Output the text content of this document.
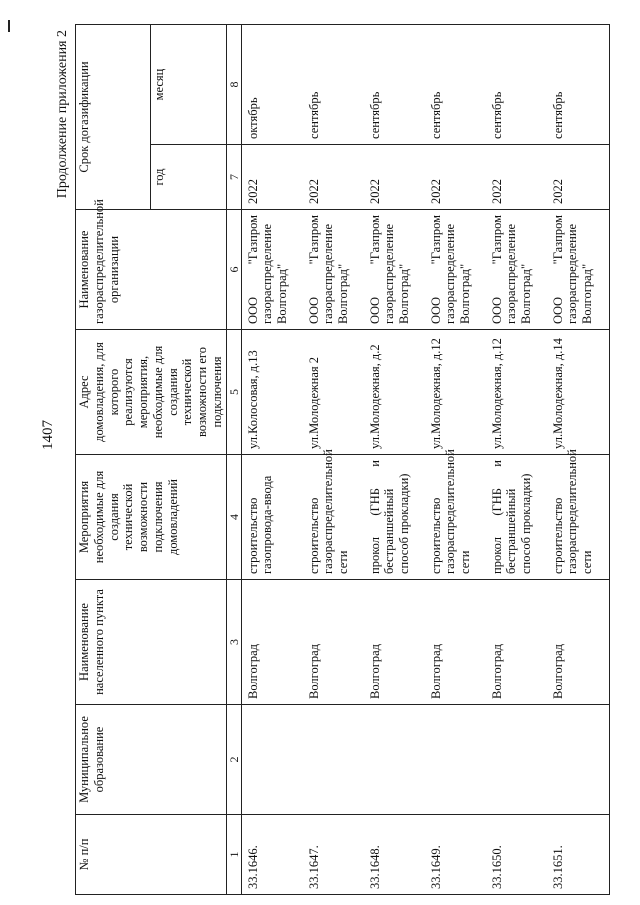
1407
Продолжение приложения 2
№ п/п	Муниципальное образование	Наименование населенного пункта	Мероприятия необходимые для создания технической возможности подключения домовладений	Адрес домовладения, для которого реализуются мероприятия, необходимые для создания технической возможности его подключения	Наименование газораспределительной организации	Срок догазификации	
						год	месяц
1	2	3	4	5	6	7	8
33.1646.		Волгоград	строительство газопровода-ввода	ул.Колосовая, д.13	ООО "Газпром газораспределение Волгоград"	2022	октябрь
33.1647.		Волгоград	строительство газораспределительной сети	ул.Молодежная 2	ООО "Газпром газораспределение Волгоград"	2022	сентябрь
33.1648.		Волгоград	прокол (ГНБ и бестраншейный способ прокладки)	ул.Молодежная, д.2	ООО "Газпром газораспределение Волгоград"	2022	сентябрь
33.1649.		Волгоград	строительство газораспределительной сети	ул.Молодежная, д.12	ООО "Газпром газораспределение Волгоград"	2022	сентябрь
33.1650.		Волгоград	прокол (ГНБ и бестраншейный способ прокладки)	ул.Молодежная, д.12	ООО "Газпром газораспределение Волгоград"	2022	сентябрь
33.1651.		Волгоград	строительство газораспределительной сети	ул.Молодежная, д.14	ООО "Газпром газораспределение Волгоград"	2022	сентябрь
